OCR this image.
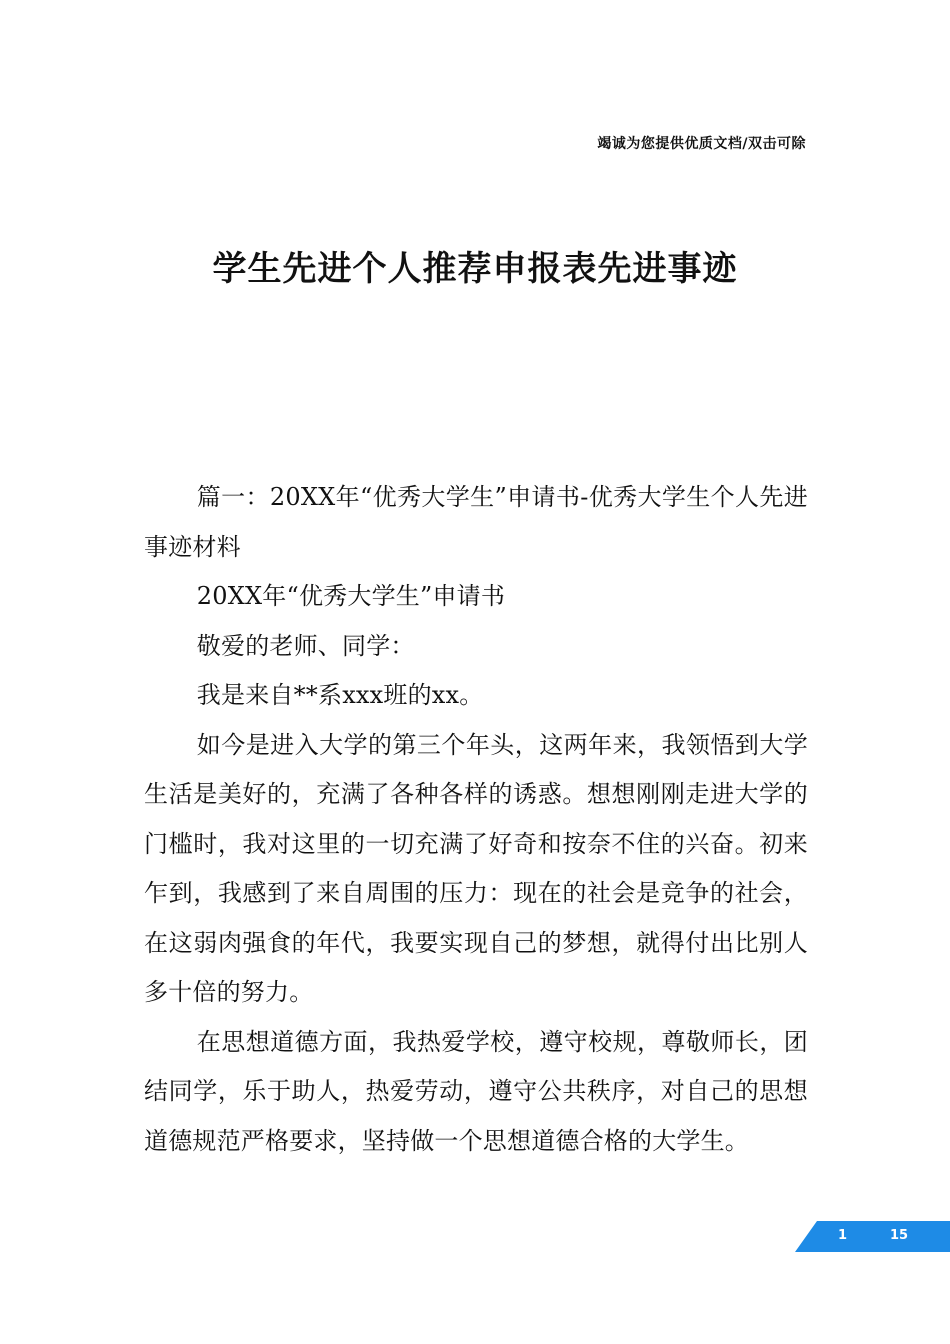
竭诚为您提供优质文档/双击可除
学生先进个人推荐申报表先进事迹

篇一：20XX年“优秀大学生”申请书-优秀大学生个人先进事迹材料

20XX年“优秀大学生”申请书

敬爱的老师、同学：

我是来自**系xxx班的xx。

如今是进入大学的第三个年头，这两年来，我领悟到大学生活是美好的，充满了各种各样的诱惑。想想刚刚走进大学的门槛时，我对这里的一切充满了好奇和按奈不住的兴奋。初来乍到，我感到了来自周围的压力：现在的社会是竞争的社会，在这弱肉强食的年代，我要实现自己的梦想，就得付出比别人多十倍的努力。

在思想道德方面，我热爱学校，遵守校规，尊敬师长，团结同学，乐于助人，热爱劳动，遵守公共秩序，对自己的思想道德规范严格要求，坚持做一个思想道德合格的大学生。

1	15
